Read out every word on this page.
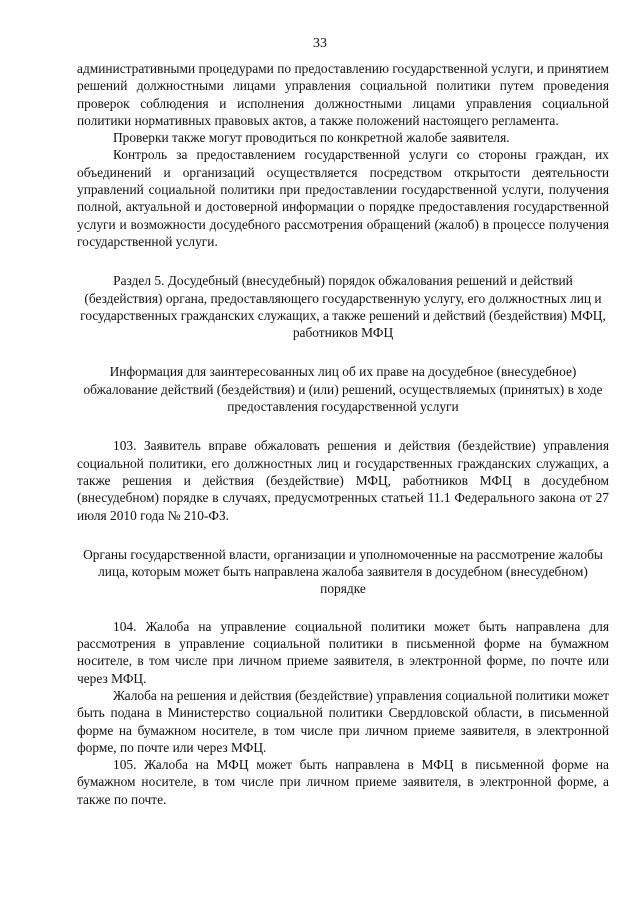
33

административными процедурами по предоставлению государственной услуги, и принятием решений должностными лицами управления социальной политики путем проведения проверок соблюдения и исполнения должностными лицами управления социальной политики нормативных правовых актов, а также положений настоящего регламента.

Проверки также могут проводиться по конкретной жалобе заявителя.

Контроль за предоставлением государственной услуги со стороны граждан, их объединений и организаций осуществляется посредством открытости деятельности управлений социальной политики при предоставлении государственной услуги, получения полной, актуальной и достоверной информации о порядке предоставления государственной услуги и возможности досудебного рассмотрения обращений (жалоб) в процессе получения государственной услуги.

Раздел 5. Досудебный (внесудебный) порядок обжалования решений и действий (бездействия) органа, предоставляющего государственную услугу, его должностных лиц и государственных гражданских служащих, а также решений и действий (бездействия) МФЦ, работников МФЦ
Информация для заинтересованных лиц об их праве на досудебное (внесудебное) обжалование действий (бездействия) и (или) решений, осуществляемых (принятых) в ходе предоставления государственной услуги

103. Заявитель вправе обжаловать решения и действия (бездействие) управления социальной политики, его должностных лиц и государственных гражданских служащих, а также решения и действия (бездействие) МФЦ, работников МФЦ в досудебном (внесудебном) порядке в случаях, предусмотренных статьей 11.1 Федерального закона от 27 июля 2010 года № 210-ФЗ.

Органы государственной власти, организации и уполномоченные на рассмотрение жалобы лица, которым может быть направлена жалоба заявителя в досудебном (внесудебном) порядке

104. Жалоба на управление социальной политики может быть направлена для рассмотрения в управление социальной политики в письменной форме на бумажном носителе, в том числе при личном приеме заявителя, в электронной форме, по почте или через МФЦ.

Жалоба на решения и действия (бездействие) управления социальной политики может быть подана в Министерство социальной политики Свердловской области, в письменной форме на бумажном носителе, в том числе при личном приеме заявителя, в электронной форме, по почте или через МФЦ.

105. Жалоба на МФЦ может быть направлена в МФЦ в письменной форме на бумажном носителе, в том числе при личном приеме заявителя, в электронной форме, а также по почте.
